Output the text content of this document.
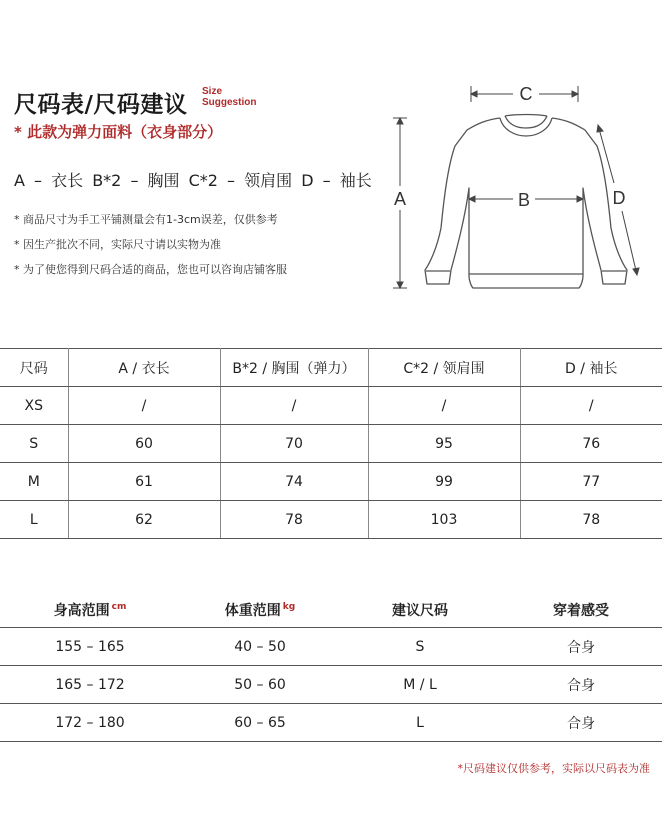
尺码表/尺码建议
Size
Suggestion
* 此款为弹力面料（衣身部分）
A – 衣长 B*2 – 胸围 C*2 – 领肩围 D – 袖长
* 商品尺寸为手工平铺测量会有1-3cm误差，仅供参考
* 因生产批次不同，实际尺寸请以实物为准
* 为了使您得到尺码合适的商品，您也可以咨询店铺客服
C
B
A	D
尺码	A / 衣长	B*2 / 胸围（弹力）	C*2 / 领肩围	D / 袖长
XS	/	/	/	/
S	60	70	95	76
M	61	74	99	77
L	62	78	103	78
身高范围 $^{cm}$	体重范围 $^{kg}$	建议尺码	穿着感受
155 – 165	40 – 50	S	合身
165 – 172	50 – 60	M / L	合身
172 – 180	60 – 65	L	合身
*尺码建议仅供参考，实际以尺码表为准
